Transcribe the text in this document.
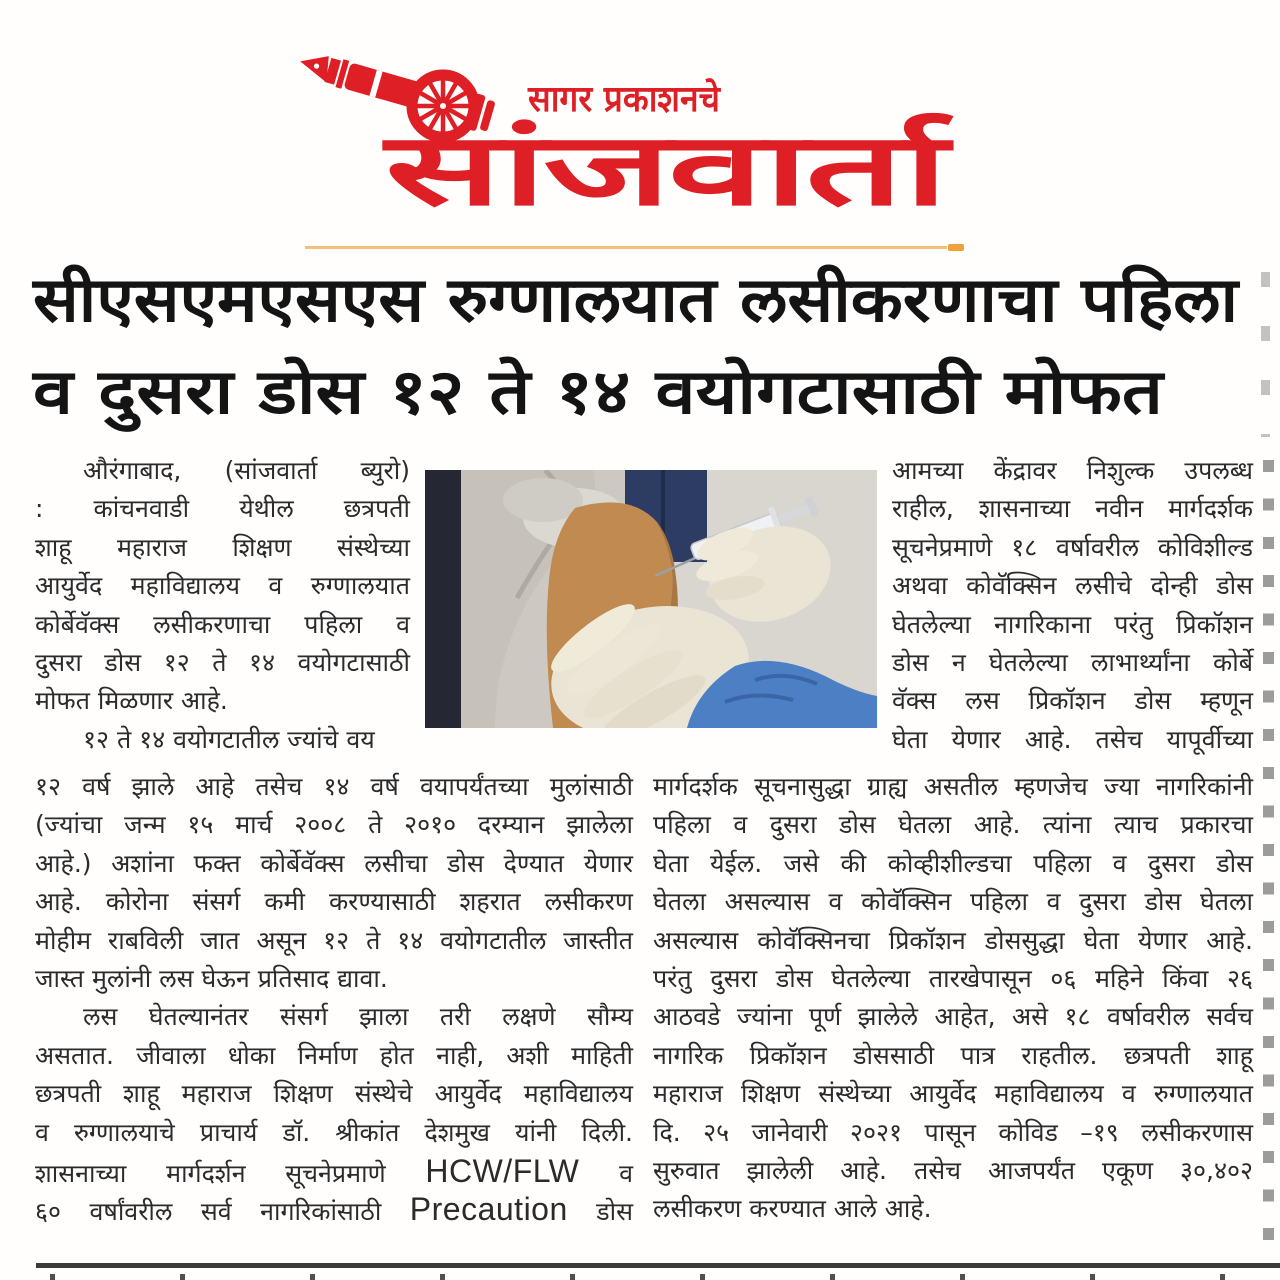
सागर प्रकाशनचे
सांजवार्ता
सीएसएमएसएस रुग्णालयात लसीकरणाचा पहिला
व दुसरा डोस १२ ते १४ वयोगटासाठी मोफत
औरंगाबाद, (सांजवार्ता ब्युरो)
: कांचनवाडी येथील छत्रपती
शाहू महाराज शिक्षण संस्थेच्या
आयुर्वेद महाविद्यालय व रुग्णालयात
कोर्बेवॅक्स लसीकरणाचा पहिला व
दुसरा डोस १२ ते १४ वयोगटासाठी
मोफत मिळणार आहे.
१२ ते १४ वयोगटातील ज्यांचे वय
आमच्या केंद्रावर निशुल्क उपलब्ध
राहील, शासनाच्या नवीन मार्गदर्शक
सूचनेप्रमाणे १८ वर्षावरील कोविशील्ड
अथवा कोवॅक्सिन लसीचे दोन्ही डोस
घेतलेल्या नागरिकाना परंतु प्रिकॉशन
डोस न घेतलेल्या लाभार्थ्यांना कोर्बे
वॅक्स लस प्रिकॉशन डोस म्हणून
घेता येणार आहे. तसेच यापूर्वीच्या
१२ वर्ष झाले आहे तसेच १४ वर्ष वयापर्यंतच्या मुलांसाठी
(ज्यांचा जन्म १५ मार्च २००८ ते २०१० दरम्यान झालेला
आहे.) अशांना फक्त कोर्बेवॅक्स लसीचा डोस देण्यात येणार
आहे. कोरोना संसर्ग कमी करण्यासाठी शहरात लसीकरण
मोहीम राबविली जात असून १२ ते १४ वयोगटातील जास्तीत
जास्त मुलांनी लस घेऊन प्रतिसाद द्यावा.
लस घेतल्यानंतर संसर्ग झाला तरी लक्षणे सौम्य
असतात. जीवाला धोका निर्माण होत नाही, अशी माहिती
छत्रपती शाहू महाराज शिक्षण संस्थेचे आयुर्वेद महाविद्यालय
व रुग्णालयाचे प्राचार्य डॉ. श्रीकांत देशमुख यांनी दिली.
शासनाच्या मार्गदर्शन सूचनेप्रमाणे HCW/FLW व
६० वर्षांवरील सर्व नागरिकांसाठी Precaution डोस
मार्गदर्शक सूचनासुद्धा ग्राह्य असतील म्हणजेच ज्या नागरिकांनी
पहिला व दुसरा डोस घेतला आहे. त्यांना त्याच प्रकारचा
घेता येईल. जसे की कोव्हीशील्डचा पहिला व दुसरा डोस
घेतला असल्यास व कोवॅक्सिन पहिला व दुसरा डोस घेतला
असल्यास कोवॅक्सिनचा प्रिकॉशन डोससुद्धा घेता येणार आहे.
परंतु दुसरा डोस घेतलेल्या तारखेपासून ०६ महिने किंवा २६
आठवडे ज्यांना पूर्ण झालेले आहेत, असे १८ वर्षावरील सर्वच
नागरिक प्रिकॉशन डोससाठी पात्र राहतील. छत्रपती शाहू
महाराज शिक्षण संस्थेच्या आयुर्वेद महाविद्यालय व रुग्णालयात
दि. २५ जानेवारी २०२१ पासून कोविड –१९ लसीकरणास
सुरुवात झालेली आहे. तसेच आजपर्यंत एकूण ३०,४०२
लसीकरण करण्यात आले आहे.
